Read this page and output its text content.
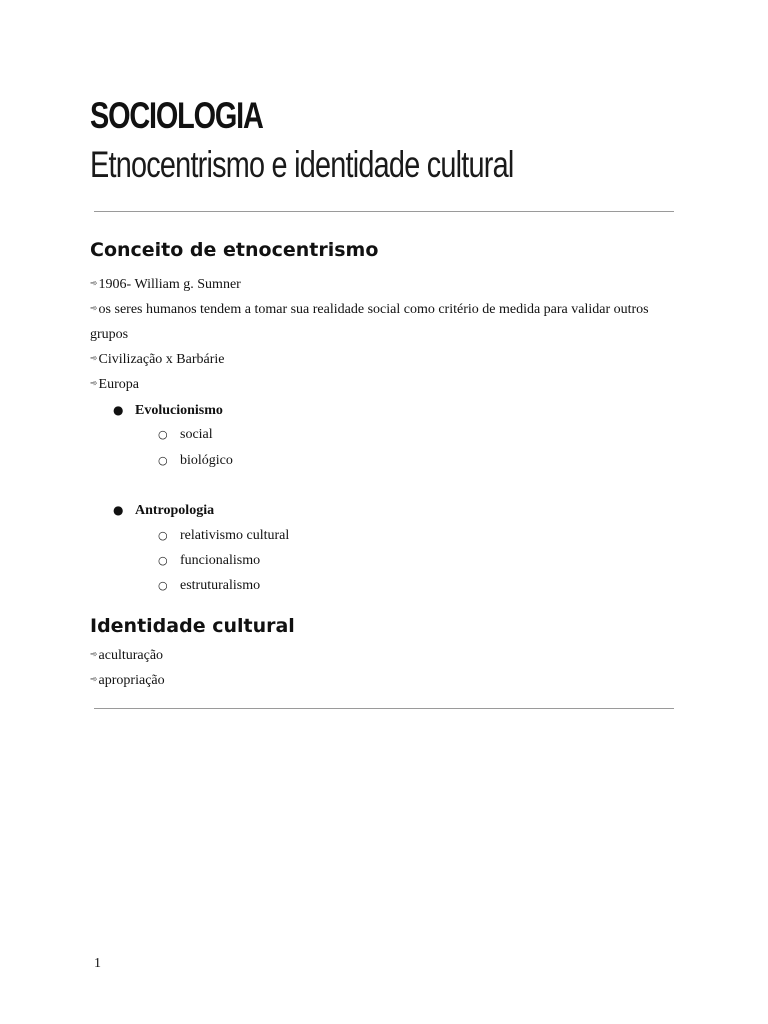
SOCIOLOGIA
Etnocentrismo e identidade cultural
Conceito de etnocentrismo
➾1906- William g. Sumner
➾os seres humanos tendem a tomar sua realidade social como critério de medida para validar outros
grupos
➾Civilização x Barbárie
➾Europa
● Evolucionismo
○ social
○ biológico
● Antropologia
○ relativismo cultural
○ funcionalismo
○ estruturalismo
Identidade cultural
➾aculturação
➾apropriação
1
